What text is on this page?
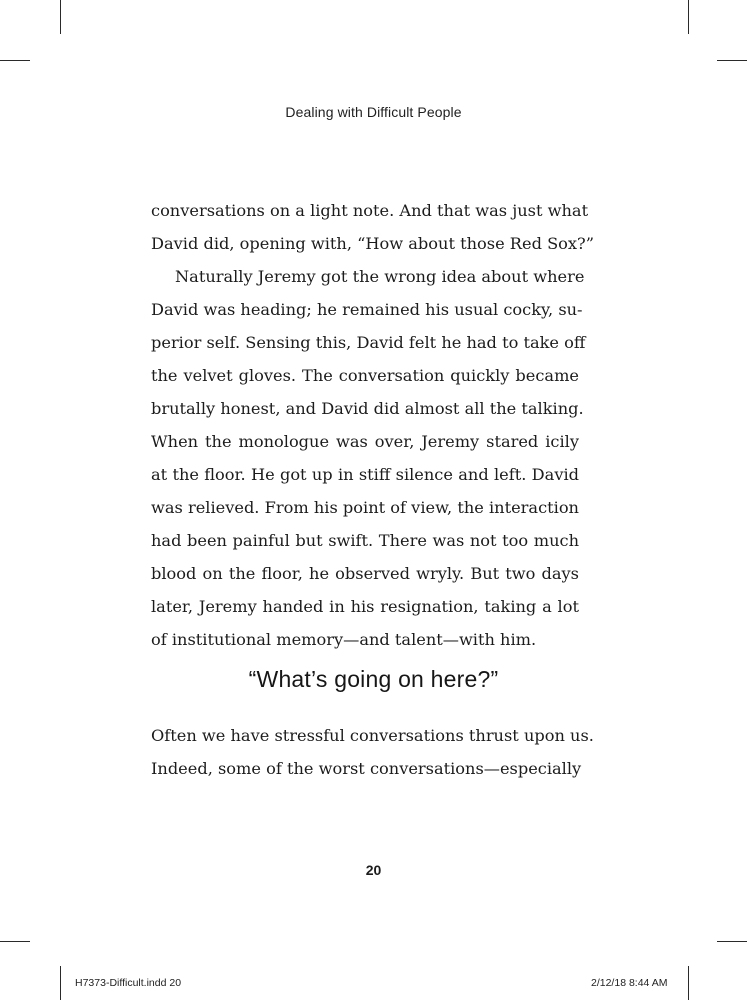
Dealing with Difficult People

conversations on a light note. And that was just what
David did, opening with, “How about those Red Sox?”

Naturally Jeremy got the wrong idea about where
David was heading; he remained his usual cocky, su-
perior self. Sensing this, David felt he had to take off
the velvet gloves. The conversation quickly became
brutally honest, and David did almost all the talking.
When the monologue was over, Jeremy stared icily
at the floor. He got up in stiff silence and left. David
was relieved. From his point of view, the interaction
had been painful but swift. There was not too much
blood on the floor, he observed wryly. But two days
later, Jeremy handed in his resignation, taking a lot
of institutional memory—and talent—with him.

“What’s going on here?”

Often we have stressful conversations thrust upon us.
Indeed, some of the worst conversations—especially

20
H7373-Difficult.indd 20	2/12/18 8:44 AM
